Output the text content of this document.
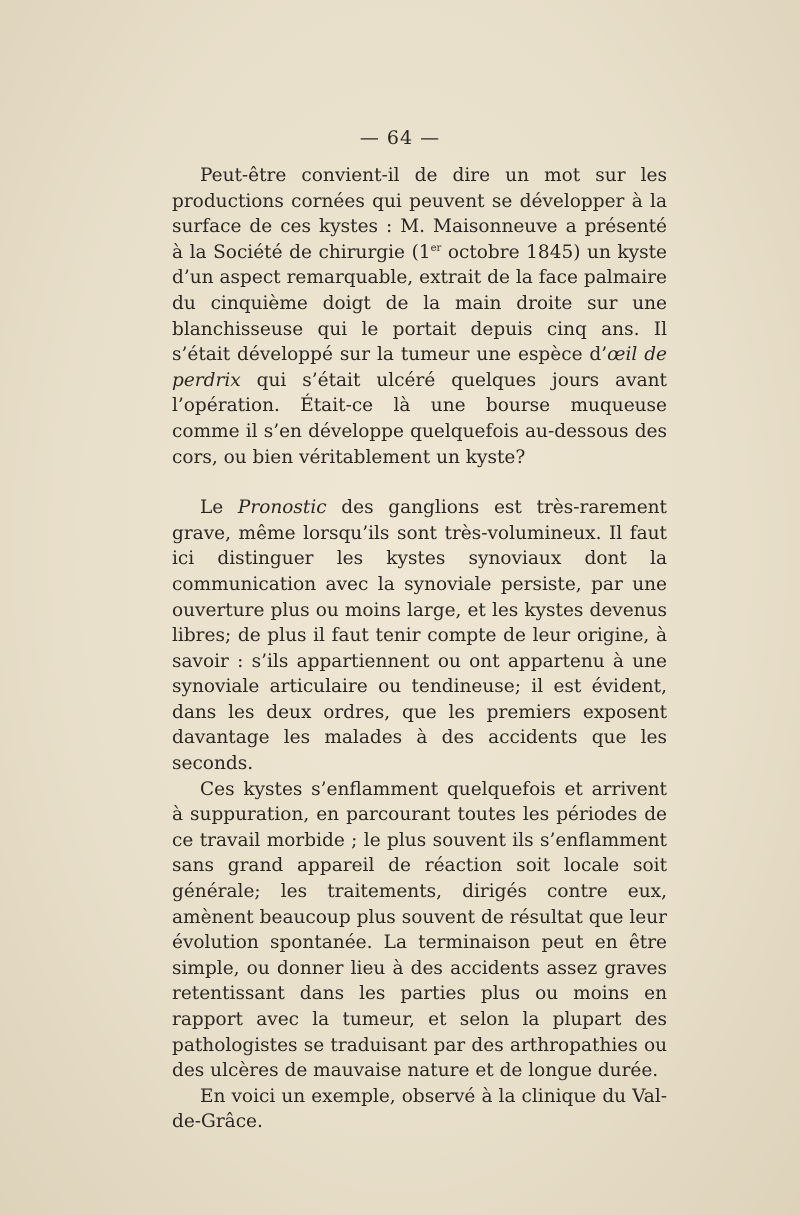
— 64 —

Peut-être convient-il de dire un mot sur les productions cornées qui peuvent se développer à la surface de ces kystes : M. Maisonneuve a présenté à la Société de chirurgie (1er octobre 1845) un kyste d’un aspect remarquable, extrait de la face palmaire du cinquième doigt de la main droite sur une blanchisseuse qui le portait depuis cinq ans. Il s’était développé sur la tumeur une espèce d’œil de perdrix qui s’était ulcéré quelques jours avant l’opération. Était-ce là une bourse muqueuse comme il s’en développe quelquefois au-dessous des cors, ou bien véritablement un kyste?

Le Pronostic des ganglions est très-rarement grave, même lorsqu’ils sont très-volumineux. Il faut ici distinguer les kystes synoviaux dont la communication avec la synoviale persiste, par une ouverture plus ou moins large, et les kystes devenus libres; de plus il faut tenir compte de leur origine, à savoir : s’ils appartiennent ou ont appartenu à une synoviale articulaire ou tendineuse; il est évident, dans les deux ordres, que les premiers exposent davantage les malades à des accidents que les seconds.

Ces kystes s’enflamment quelquefois et arrivent à suppuration, en parcourant toutes les périodes de ce travail morbide ; le plus souvent ils s’enflamment sans grand appareil de réaction soit locale soit générale; les traitements, dirigés contre eux, amènent beaucoup plus souvent de résultat que leur évolution spontanée. La terminaison peut en être simple, ou donner lieu à des accidents assez graves retentissant dans les parties plus ou moins en rapport avec la tumeur, et selon la plupart des pathologistes se traduisant par des arthropathies ou des ulcères de mauvaise nature et de longue durée.

En voici un exemple, observé à la clinique du Val-de-Grâce.
